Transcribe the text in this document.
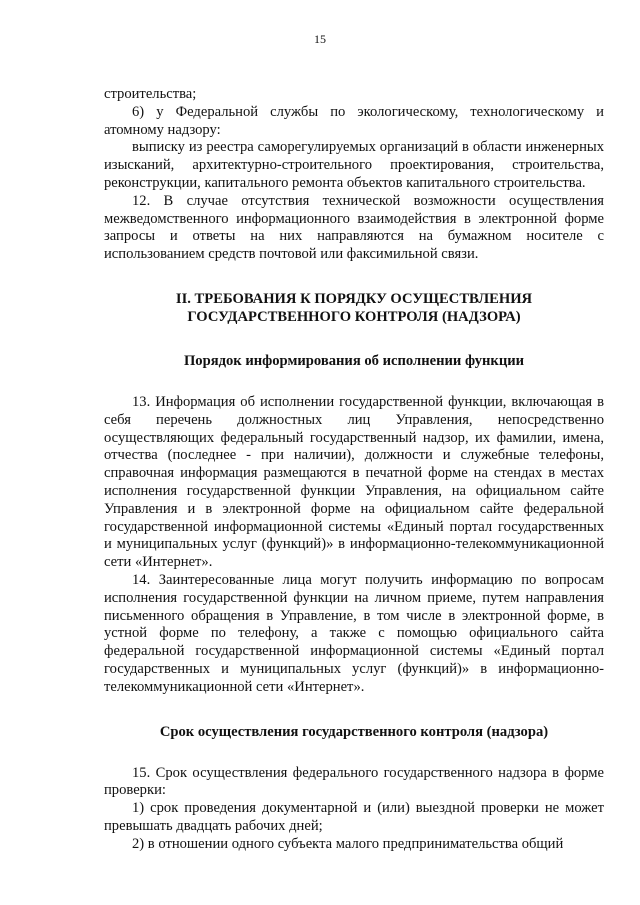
15

строительства;

6) у Федеральной службы по экологическому, технологическому и атомному надзору:

выписку из реестра саморегулируемых организаций в области инженерных изысканий, архитектурно-строительного проектирования, строительства, реконструкции, капитального ремонта объектов капитального строительства.

12. В случае отсутствия технической возможности осуществления межведомственного информационного взаимодействия в электронной форме запросы и ответы на них направляются на бумажном носителе с использованием средств почтовой или факсимильной связи.

II. ТРЕБОВАНИЯ К ПОРЯДКУ ОСУЩЕСТВЛЕНИЯ
ГОСУДАРСТВЕННОГО КОНТРОЛЯ (НАДЗОРА)
Порядок информирования об исполнении функции

13. Информация об исполнении государственной функции, включающая в себя перечень должностных лиц Управления, непосредственно осуществляющих федеральный государственный надзор, их фамилии, имена, отчества (последнее - при наличии), должности и служебные телефоны, справочная информация размещаются в печатной форме на стендах в местах исполнения государственной функции Управления, на официальном сайте Управления и в электронной форме на официальном сайте федеральной государственной информационной системы «Единый портал государственных и муниципальных услуг (функций)» в информационно-телекоммуникационной сети «Интернет».

14. Заинтересованные лица могут получить информацию по вопросам исполнения государственной функции на личном приеме, путем направления письменного обращения в Управление, в том числе в электронной форме, в устной форме по телефону, а также с помощью официального сайта федеральной государственной информационной системы «Единый портал государственных и муниципальных услуг (функций)» в информационно-телекоммуникационной сети «Интернет».

Срок осуществления государственного контроля (надзора)

15. Срок осуществления федерального государственного надзора в форме проверки:

1) срок проведения документарной и (или) выездной проверки не может превышать двадцать рабочих дней;

2) в отношении одного субъекта малого предпринимательства общий
